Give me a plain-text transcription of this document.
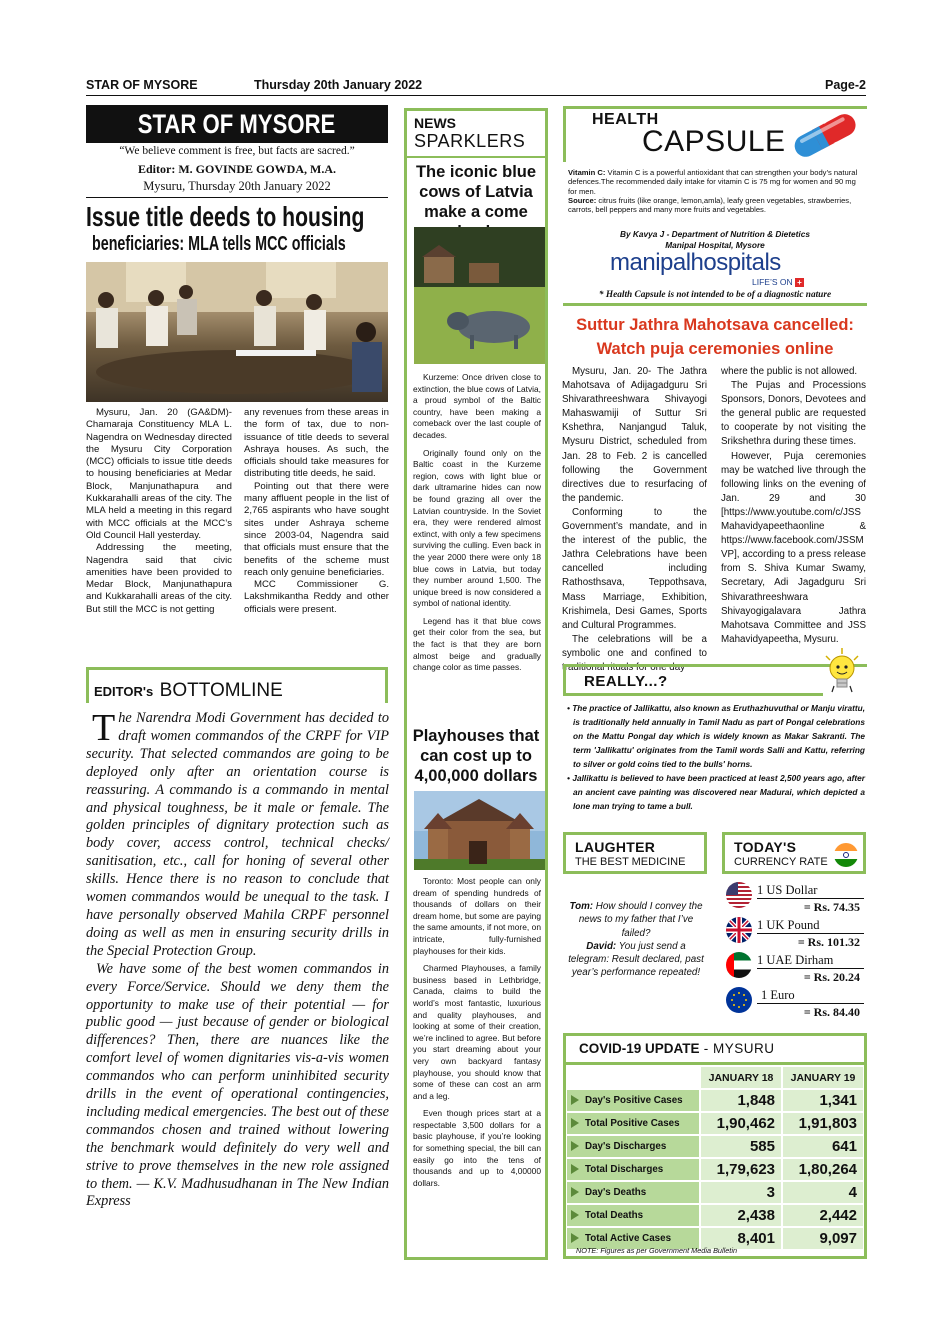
STAR OF MYSORE	Thursday 20th January 2022	Page-2
STAR OF MYSORE
“We believe comment is free, but facts are sacred.”
Editor: M. GOVINDE GOWDA, M.A.
Mysuru, Thursday 20th January 2022
Issue title deeds to housing
beneficiaries: MLA tells MCC officials

Mysuru, Jan. 20 (GA&DM)- Chamaraja Constituency MLA L. Nagendra on Wednesday directed the Mysuru City Corporation (MCC) officials to issue title deeds to housing beneficiaries at Medar Block, Manjunathapura and Kukkarahalli areas of the city. The MLA held a meeting in this regard with MCC officials at the MCC’s Old Council Hall yesterday.

Addressing the meeting, Nagendra said that civic amenities have been provided to Medar Block, Manjunathapura and Kukkarahalli areas of the city. But still the MCC is not getting

any revenues from these areas in the form of tax, due to non-issuance of title deeds to several Ashraya houses. As such, the officials should take measures for distributing title deeds, he said.

Pointing out that there were many affluent people in the list of 2,765 aspirants who have sought sites under Ashraya scheme since 2003-04, Nagendra said that officials must ensure that the benefits of the scheme must reach only genuine beneficiaries.

MCC Commissioner G. Lakshmikantha Reddy and other officials were present.

EDITOR's BOTTOMLINE

The Narendra Modi Government has decided to draft women commandos of the CRPF for VIP security. That selected commandos are going to be deployed only after an orientation course is reassuring. A commando is a commando in mental and physical toughness, be it male or female. The golden principles of dignitary protection such as body cover, access control, technical checks/ sanitisation, etc., call for honing of several other skills. Hence there is no reason to conclude that women commandos would be unequal to the task. I have personally observed Mahila CRPF personnel doing as well as men in ensuring security drills in the Special Protection Group.

We have some of the best women commandos in every Force/Service. Should we deny them the opportunity to make use of their potential — for public good — just because of gender or biological differences? Then, there are nuances like the comfort level of women dignitaries vis-a-vis women commandos who can perform uninhibited security drills in the event of operational contingencies, including medical emergencies. The best out of these commandos chosen and trained without lowering the benchmark would definitely do very well and strive to prove themselves in the new role assigned to them. — K.V. Madhusudhanan in The New Indian Express

NEWS
SPARKLERS
The iconic blue cows of Latvia make a come

Kurzeme: Once driven close to extinction, the blue cows of Latvia, a proud symbol of the Baltic country, have been making a comeback over the last couple of decades.

Originally found only on the Baltic coast in the Kurzeme region, cows with light blue or dark ultramarine hides can now be found grazing all over the Latvian countryside. In the Soviet era, they were rendered almost extinct, with only a few specimens surviving the culling. Even back in the year 2000 there were only 18 blue cows in Latvia, but today they number around 1,500. The unique breed is now considered a symbol of national identity.

Legend has it that blue cows get their color from the sea, but the fact is that they are born almost beige and gradually change color as time passes.

Playhouses that can cost up to 4,00,000 dollars

Toronto: Most people can only dream of spending hundreds of thousands of dollars on their dream home, but some are paying the same amounts, if not more, on intricate, fully-furnished playhouses for their kids.

Charmed Playhouses, a family business based in Lethbridge, Canada, claims to build the world’s most fantastic, luxurious and quality playhouses, and looking at some of their creation, we’re inclined to agree. But before you start dreaming about your very own backyard fantasy playhouse, you should know that some of these can cost an arm and a leg.

Even though prices start at a respectable 3,500 dollars for a basic playhouse, if you’re looking for something special, the bill can easily go into the tens of thousands and up to 4,00000 dollars.

HEALTH
CAPSULE

Vitamin C: Vitamin C is a powerful antioxidant that can strengthen your body’s natural defences.The recommended daily intake for vitamin C is 75 mg for women and 90 mg for men.

Source: citrus fruits (like orange, lemon,amla), leafy green vegetables, strawberries, carrots, bell peppers and many more fruits and vegetables.

By Kavya J - Department of Nutrition & Dietetics
Manipal Hospital, Mysore
manipalhospitals
LIFE’S ON +
* Health Capsule is not intended to be of a diagnostic nature
Suttur Jathra Mahotsava cancelled:
Watch puja ceremonies online

Mysuru, Jan. 20- The Jathra Mahotsava of Adijagadguru Sri Shivarathreeshwara Shivayogi Mahaswamiji of Suttur Sri Kshethra, Nanjangud Taluk, Mysuru District, scheduled from Jan. 28 to Feb. 2 is cancelled following the Government directives due to resurfacing of the pandemic.

Conforming to the Government’s mandate, and in the interest of the public, the Jathra Celebrations have been cancelled including Rathosthsava, Teppothsava, Mass Marriage, Exhibition, Krishimela, Desi Games, Sports and Cultural Programmes.

The celebrations will be a symbolic one and confined to traditional rituals for one day

where the public is not allowed.

The Pujas and Processions Sponsors, Donors, Devotees and the general public are requested to cooperate by not visiting the Srikshethra during these times.

However, Puja ceremonies may be watched live through the following links on the evening of Jan. 29 and 30 [https://www.youtube.com/c/JSSMahavidyapeethaonline & https://www.facebook.com/JSSMVP], according to a press release from S. Shiva Kumar Swamy, Secretary, Adi Jagadguru Sri Shivarathreeshwara Shivayogigalavara Jathra Mahotsava Committee and JSS Mahavidyapeetha, Mysuru.

REALLY...?

• The practice of Jallikattu, also known as Eruthazhuvuthal or Manju virattu, is traditionally held annually in Tamil Nadu as part of Pongal celebrations on the Mattu Pongal day which is widely known as Makar Sakranti. The term 'Jallikattu' originates from the Tamil words Salli and Kattu, referring to silver or gold coins tied to the bulls' horns.

• Jallikattu is believed to have been practiced at least 2,500 years ago, after an ancient cave painting was discovered near Madurai, which depicted a lone man trying to tame a bull.

LAUGHTER
THE BEST MEDICINE

Tom: How should I convey the news to my father that I’ve failed?

David: You just send a telegram: Result declared, past year’s performance repeated!

TODAY'S
CURRENCY RATE
1 US Dollar
= Rs. 74.35
1 UK Pound
= Rs. 101.32
1 UAE Dirham
= Rs. 20.24
1 Euro
= Rs. 84.40
COVID-19 UPDATE - MYSURU
	JANUARY 18	JANUARY 19
Day's Positive Cases	1,848	1,341
Total Positive Cases	1,90,462	1,91,803
Day's Discharges	585	641
Total Discharges	1,79,623	1,80,264
Day's Deaths	3	4
Total Deaths	2,438	2,442
Total Active Cases	8,401	9,097
NOTE: Figures as per Government Media Bulletin
